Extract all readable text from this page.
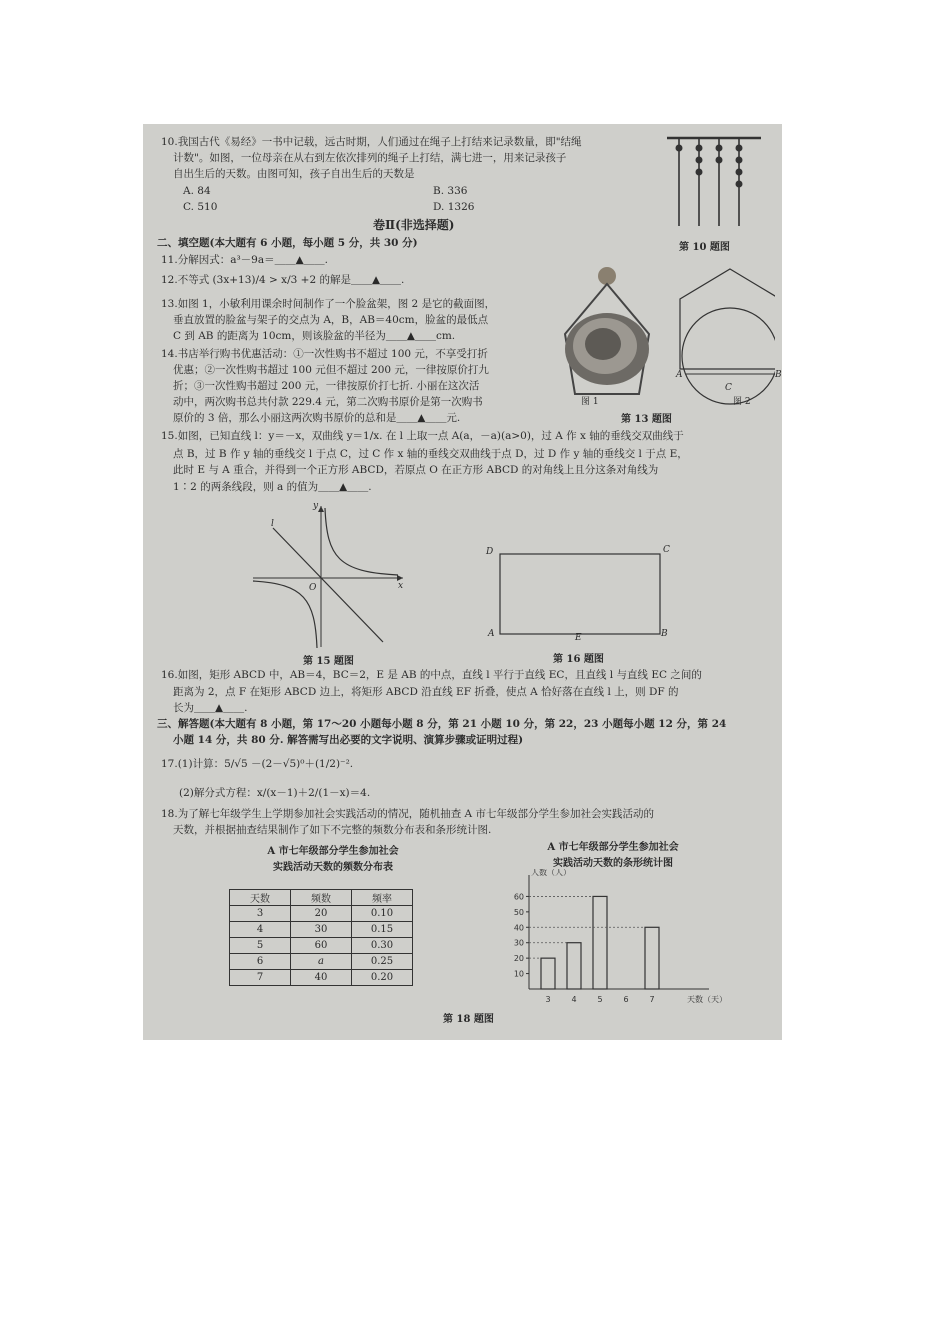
10.我国古代《易经》一书中记载，远古时期，人们通过在绳子上打结来记录数量，即"结绳
计数"。如图，一位母亲在从右到左依次排列的绳子上打结，满七进一，用来记录孩子
自出生后的天数。由图可知，孩子自出生后的天数是
A. 84	B. 336
C. 510	D. 1326
第 10 题图
卷Ⅱ(非选择题)
二、填空题(本大题有 6 小题，每小题 5 分，共 30 分)
11.分解因式：a³－9a＝＿＿▲＿＿.
12.不等式 (3x+13)/4 > x/3 +2 的解是＿＿▲＿＿.
13.如图 1，小敏利用课余时间制作了一个脸盆架，图 2 是它的截面图，
垂直放置的脸盆与架子的交点为 A，B，AB＝40cm，脸盆的最低点
C 到 AB 的距离为 10cm，则该脸盆的半径为＿＿▲＿＿cm.
14.书店举行购书优惠活动：①一次性购书不超过 100 元，不享受打折
优惠；②一次性购书超过 100 元但不超过 200 元，一律按原价打九
折；③一次性购书超过 200 元，一律按原价打七折. 小丽在这次活
动中，两次购书总共付款 229.4 元，第二次购书原价是第一次购书
原价的 3 倍，那么小丽这两次购书原价的总和是＿＿▲＿＿元.
A	B
C
图 1	图 2
第 13 题图
15.如图，已知直线 l：y＝－x，双曲线 y＝1/x. 在 l 上取一点 A(a，－a)(a>0)，过 A 作 x 轴的垂线交双曲线于
点 B，过 B 作 y 轴的垂线交 l 于点 C，过 C 作 x 轴的垂线交双曲线于点 D，过 D 作 y 轴的垂线交 l 于点 E，
此时 E 与 A 重合，并得到一个正方形 ABCD，若原点 O 在正方形 ABCD 的对角线上且分这条对角线为
1∶2 的两条线段，则 a 的值为＿＿▲＿＿.
y
x
l
O
第 15 题图
D	C
A	B
E
第 16 题图
16.如图，矩形 ABCD 中，AB＝4，BC＝2，E 是 AB 的中点，直线 l 平行于直线 EC，且直线 l 与直线 EC 之间的
距离为 2，点 F 在矩形 ABCD 边上，将矩形 ABCD 沿直线 EF 折叠，使点 A 恰好落在直线 l 上，则 DF 的
长为＿＿▲＿＿.
三、解答题(本大题有 8 小题，第 17～20 小题每小题 8 分，第 21 小题 10 分，第 22，23 小题每小题 12 分，第 24
小题 14 分，共 80 分. 解答需写出必要的文字说明、演算步骤或证明过程)
17.(1)计算：5/√5 －(2－√5)⁰＋(1/2)⁻².
(2)解分式方程：x/(x－1)＋2/(1－x)＝4.
18.为了解七年级学生上学期参加社会实践活动的情况，随机抽查 A 市七年级部分学生参加社会实践活动的
天数，并根据抽查结果制作了如下不完整的频数分布表和条形统计图.
A 市七年级部分学生参加社会
实践活动天数的频数分布表
天数	频数	频率
3	20	0.10
4	30	0.15
5	60	0.30
6	a	0.25
7	40	0.20
A 市七年级部分学生参加社会
实践活动天数的条形统计图
人数（人）
天数（天）
10
20
30
40
50
60
3	4	5	6	7
第 18 题图
